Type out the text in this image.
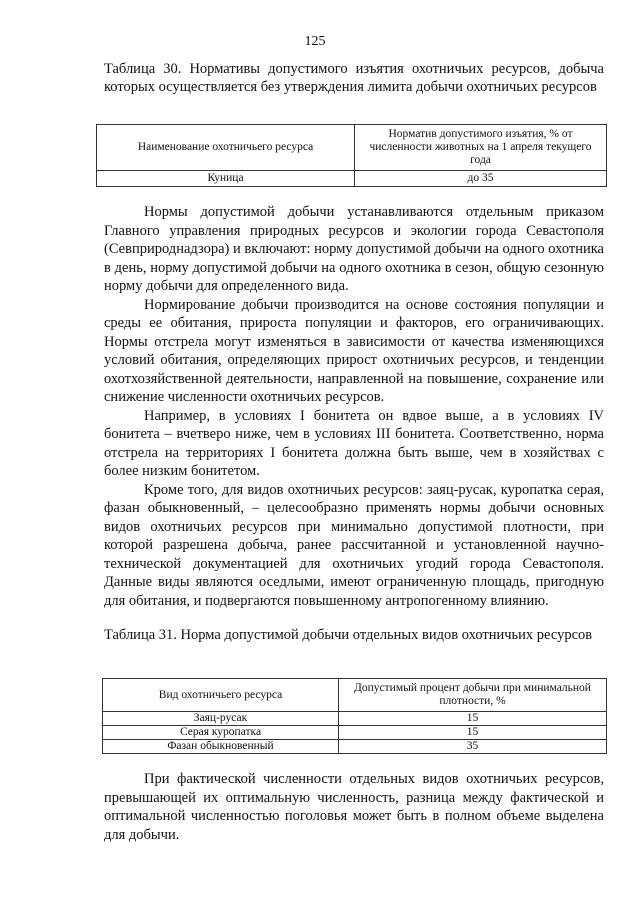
125
Таблица 30. Нормативы допустимого изъятия охотничьих ресурсов, добыча которых осуществляется без утверждения лимита добычи охотничьих ресурсов
Наименование охотничьего ресурса	Норматив допустимого изъятия, % от численности животных на 1 апреля текущего года
Куница	до 35

Нормы допустимой добычи устанавливаются отдельным приказом Главного управления природных ресурсов и экологии города Севастополя (Севприроднадзора) и включают: норму допустимой добычи на одного охотника в день, норму допустимой добычи на одного охотника в сезон, общую сезонную норму добычи для определенного вида.

Нормирование добычи производится на основе состояния популяции и среды ее обитания, прироста популяции и факторов, его ограничивающих. Нормы отстрела могут изменяться в зависимости от качества изменяющихся условий обитания, определяющих прирост охотничьих ресурсов, и тенденции охотхозяйственной деятельности, направленной на повышение, сохранение или снижение численности охотничьих ресурсов.

Например, в условиях I бонитета он вдвое выше, а в условиях IV бонитета – вчетверо ниже, чем в условиях III бонитета. Соответственно, норма отстрела на территориях I бонитета должна быть выше, чем в хозяйствах с более низким бонитетом.

Кроме того, для видов охотничьих ресурсов: заяц-русак, куропатка серая, фазан обыкновенный, – целесообразно применять нормы добычи основных видов охотничьих ресурсов при минимально допустимой плотности, при которой разрешена добыча, ранее рассчитанной и установленной научно-технической документацией для охотничьих угодий города Севастополя. Данные виды являются оседлыми, имеют ограниченную площадь, пригодную для обитания, и подвергаются повышенному антропогенному влиянию.

Таблица 31. Норма допустимой добычи отдельных видов охотничьих ресурсов
Вид охотничьего ресурса	Допустимый процент добычи при минимальной плотности, %
Заяц-русак	15
Серая куропатка	15
Фазан обыкновенный	35

При фактической численности отдельных видов охотничьих ресурсов, превышающей их оптимальную численность, разница между фактической и оптимальной численностью поголовья может быть в полном объеме выделена для добычи.
